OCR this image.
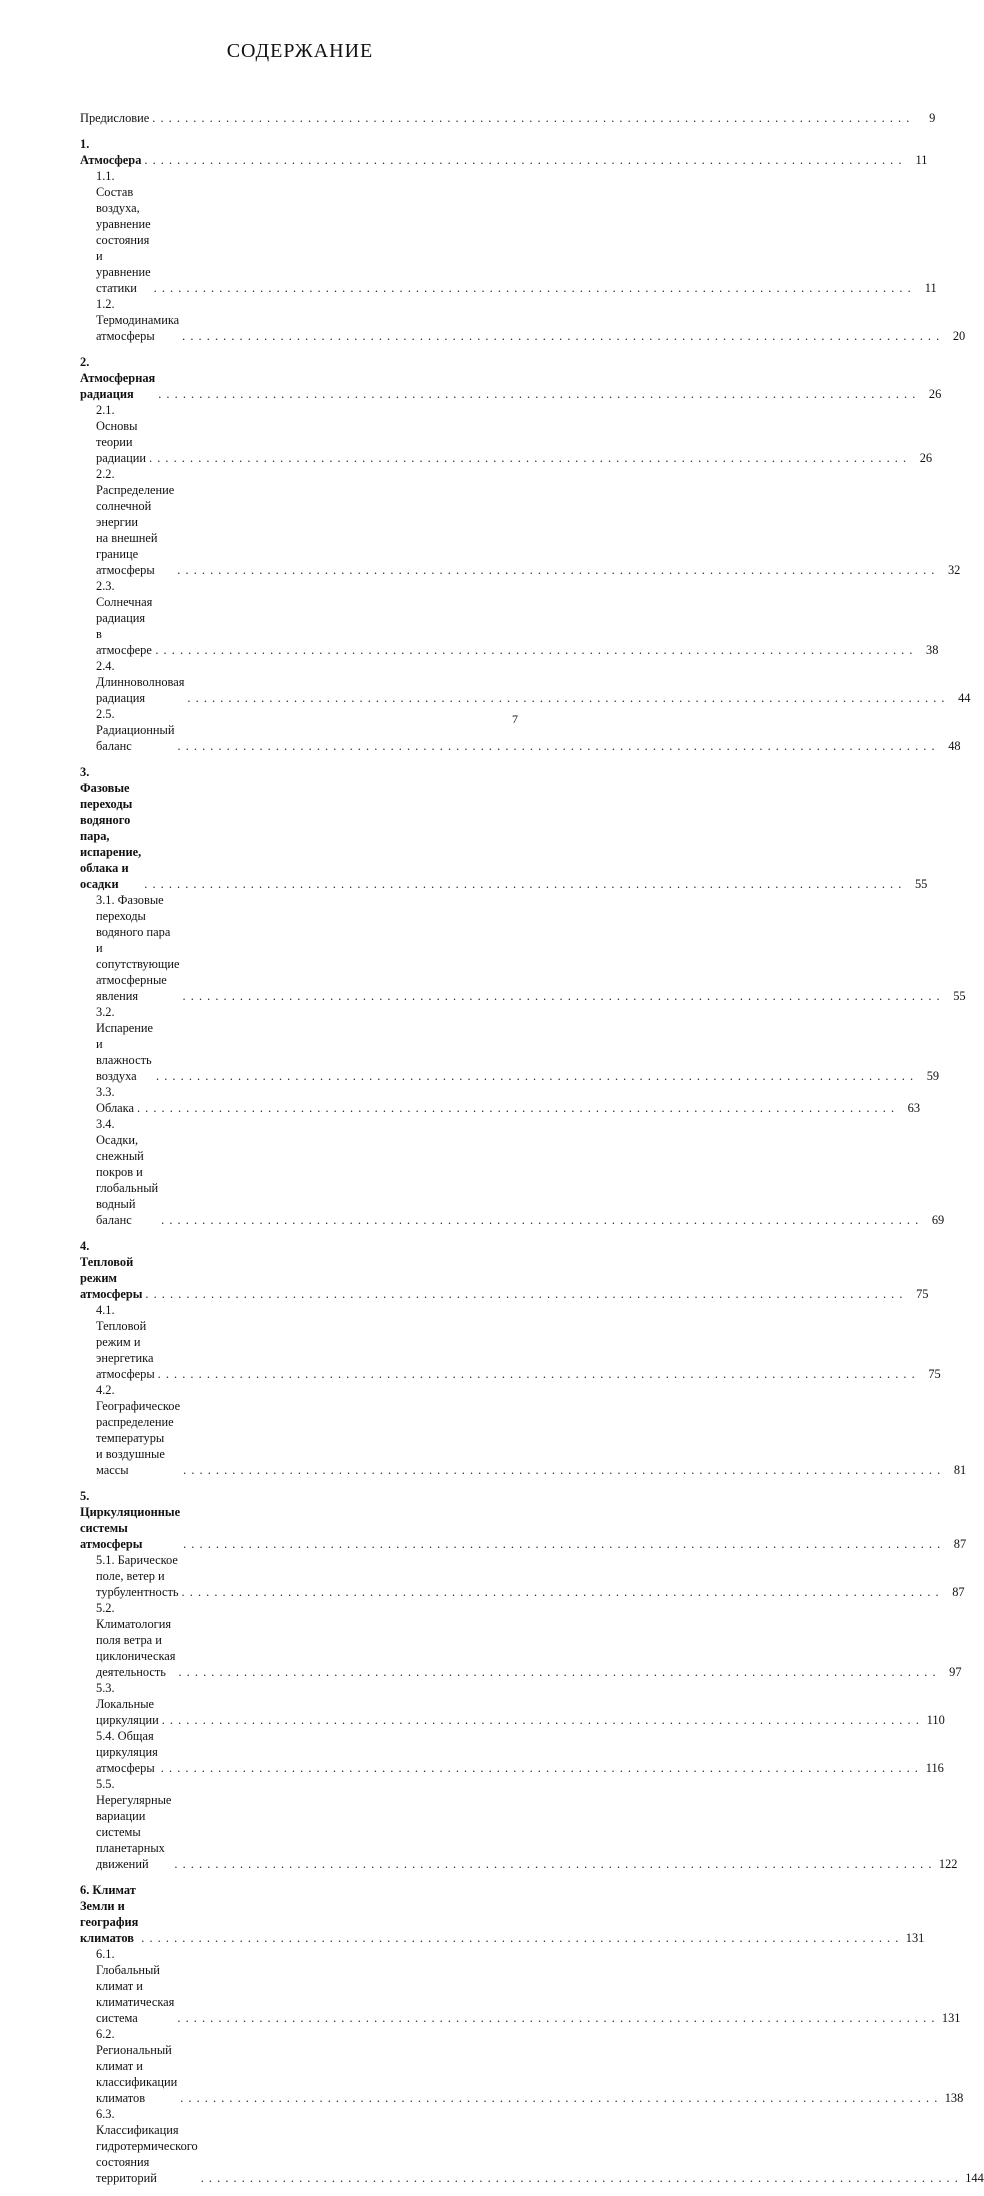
СОДЕРЖАНИЕ
Предисловие . . .	9
1. Атмосфера . . .	11
1.1. Состав воздуха, уравнение состояния и уравнение статики . . .	11
1.2. Термодинамика атмосферы . . .	20
2. Атмосферная радиация . . .	26
2.1. Основы теории радиации . . .	26
2.2. Распределение солнечной энергии
на внешней границе атмосферы . . .	32
2.3. Солнечная радиация в атмосфере . . .	38
2.4. Длинноволновая радиация . . .	44
2.5. Радиационный баланс . . .	48
3. Фазовые переходы водяного пара, испарение,
облака и осадки . . .	55
3.1. Фазовые переходы водяного пара
и сопутствующие атмосферные явления . . .	55
3.2. Испарение и влажность воздуха . . .	59
3.3. Облака . . .	63
3.4. Осадки, снежный покров и глобальный водный баланс . . .	69
4. Тепловой режим атмосферы . . .	75
4.1. Тепловой режим и энергетика атмосферы . . .	75
4.2. Географическое распределение температуры
и воздушные массы . . .	81
5. Циркуляционные системы атмосферы . . .	87
5.1. Барическое поле, ветер и турбулентность . . .	87
5.2. Климатология поля ветра и циклоническая деятельность . . .	97
5.3. Локальные циркуляции . . .	110
5.4. Общая циркуляция атмосферы . . .	116
5.5. Нерегулярные вариации системы планетарных движений . . .	122
6. Климат Земли и география климатов . . .	131
6.1. Глобальный климат и климатическая система . . .	131
6.2. Региональный климат и классификации климатов . . .	138
6.3. Классификация гидротермического состояния территорий . . .	144
7
